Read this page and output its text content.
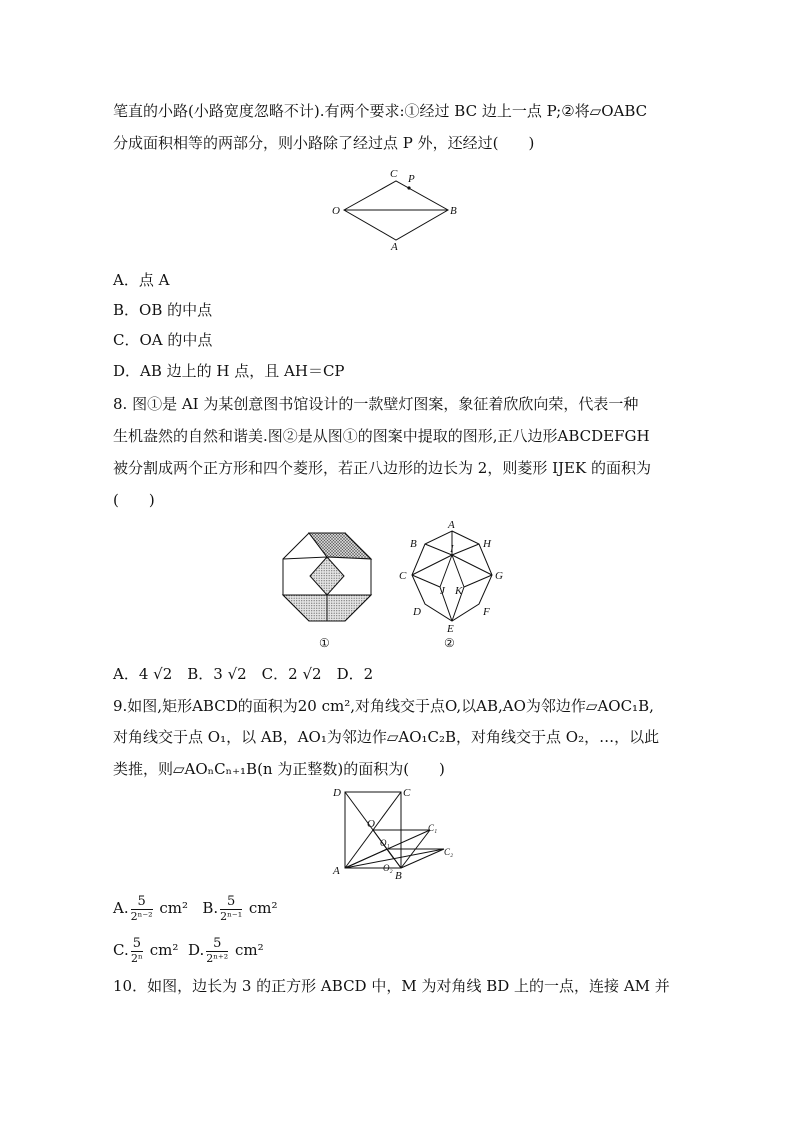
笔直的小路(小路宽度忽略不计).有两个要求:①经过 BC 边上一点 P;②将▱OABC
分成面积相等的两部分，则小路除了经过点 P 外，还经过(　　)
C P
O	B
A
A．点 A
B．OB 的中点
C．OA 的中点
D．AB 边上的 H 点，且 AH＝CP
8. 图①是 AI 为某创意图书馆设计的一款壁灯图案，象征着欣欣向荣，代表一种
生机盎然的自然和谐美.图②是从图①的图案中提取的图形,正八边形ABCDEFGH
被分割成两个正方形和四个菱形，若正八边形的边长为 2，则菱形 IJEK 的面积为
(　　)
①
A
B	H
I
C	G
J K
D	F
E
②
A．4 √2　B．3 √2　C．2 √2　D．2
9.如图,矩形ABCD的面积为20 cm²,对角线交于点O,以AB,AO为邻边作▱AOC₁B,
对角线交于点 O₁，以 AB，AO₁为邻边作▱AO₁C₂B，对角线交于点 O₂，…，以此
类推，则▱AOₙCₙ₊₁B(n 为正整数)的面积为(　　)
D	C
O	C₁
O₁
C₂
A	O₂
B
A. $\frac{5}{\text{2ⁿ⁻²}} cm^2$ B. $\frac{5}{\text{2ⁿ⁻¹}} cm^2$
C. $\frac{5}{\text{2ⁿ}} cm^2$ D. $\frac{5}{\text{2ⁿ⁺²}} cm^2$
10．如图，边长为 3 的正方形 ABCD 中，M 为对角线 BD 上的一点，连接 AM 并
